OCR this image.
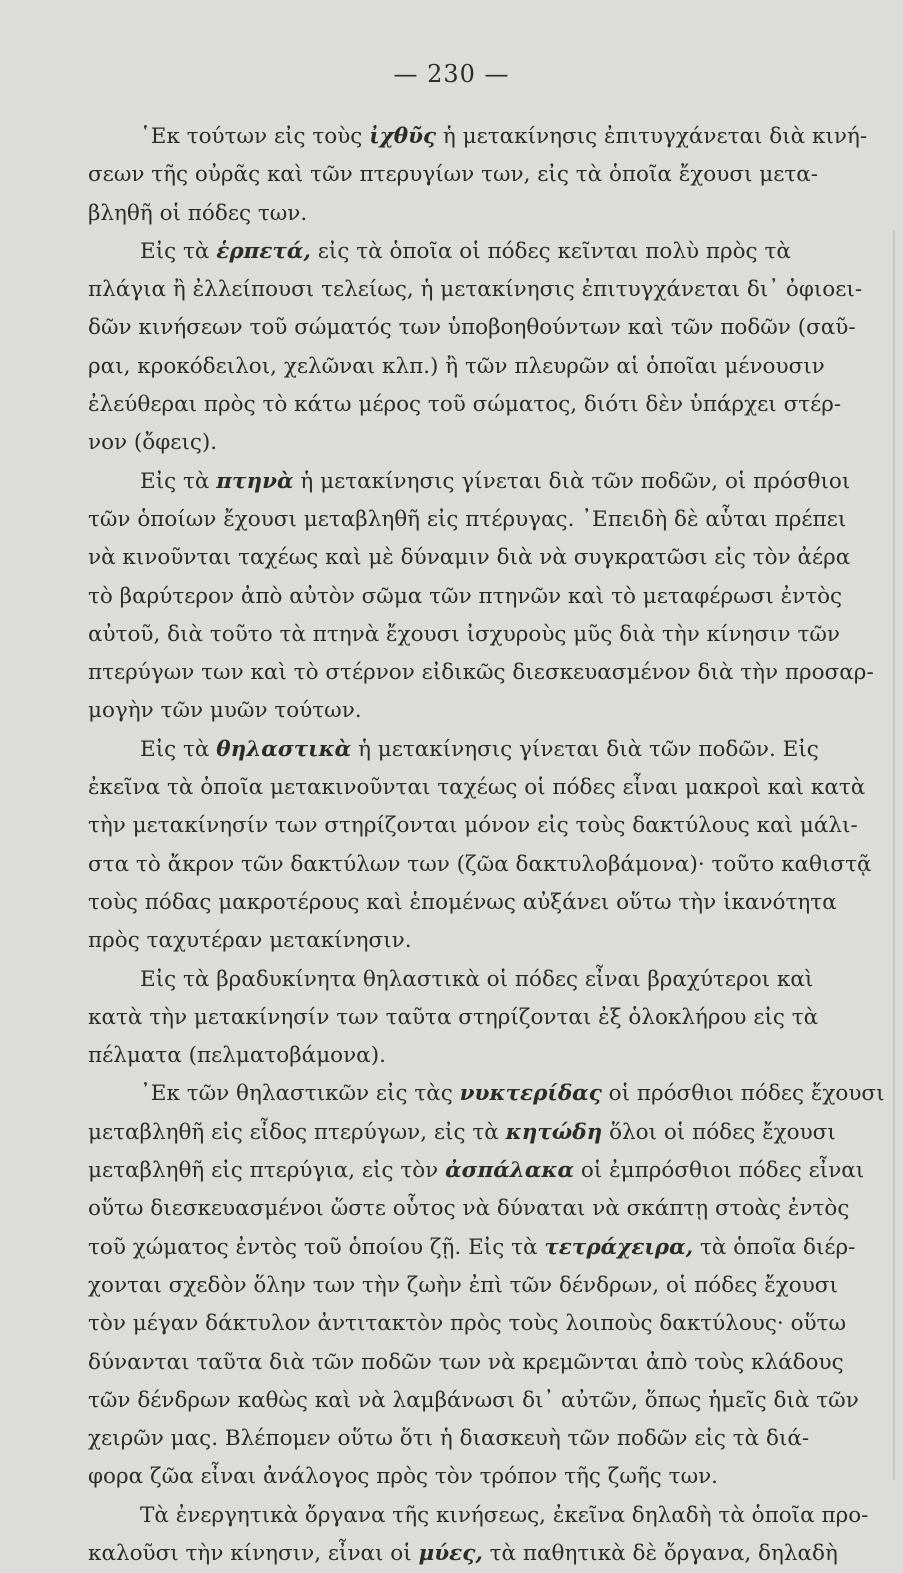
— 230 —
῾Εκ τούτων εἰς τοὺς ἰχθῦς ἡ μετακίνησις ἐπιτυγχάνεται διὰ κινή-
σεων τῆς οὐρᾶς καὶ τῶν πτερυγίων των, εἰς τὰ ὁποῖα ἔχουσι μετα-
βληθῆ οἱ πόδες των.
Εἰς τὰ ἑρπετά, εἰς τὰ ὁποῖα οἱ πόδες κεῖνται πολὺ πρὸς τὰ
πλάγια ἢ ἐλλείπουσι τελείως, ἡ μετακίνησις ἐπιτυγχάνεται δι᾽ ὀφιοει-
δῶν κινήσεων τοῦ σώματός των ὑποβοηθούντων καὶ τῶν ποδῶν (σαῦ-
ραι, κροκόδειλοι, χελῶναι κλπ.) ἢ τῶν πλευρῶν αἱ ὁποῖαι μένουσιν
ἐλεύθεραι πρὸς τὸ κάτω μέρος τοῦ σώματος, διότι δὲν ὑπάρχει στέρ-
νον (ὄφεις).
Εἰς τὰ πτηνὰ ἡ μετακίνησις γίνεται διὰ τῶν ποδῶν, οἱ πρόσθιοι
τῶν ὁποίων ἔχουσι μεταβληθῆ εἰς πτέρυγας. ᾿Επειδὴ δὲ αὗται πρέπει
νὰ κινοῦνται ταχέως καὶ μὲ δύναμιν διὰ νὰ συγκρατῶσι εἰς τὸν ἀέρα
τὸ βαρύτερον ἀπὸ αὐτὸν σῶμα τῶν πτηνῶν καὶ τὸ μεταφέρωσι ἐντὸς
αὐτοῦ, διὰ τοῦτο τὰ πτηνὰ ἔχουσι ἰσχυροὺς μῦς διὰ τὴν κίνησιν τῶν
πτερύγων των καὶ τὸ στέρνον εἰδικῶς διεσκευασμένον διὰ τὴν προσαρ-
μογὴν τῶν μυῶν τούτων.
Εἰς τὰ θηλαστικὰ ἡ μετακίνησις γίνεται διὰ τῶν ποδῶν. Εἰς
ἐκεῖνα τὰ ὁποῖα μετακινοῦνται ταχέως οἱ πόδες εἶναι μακροὶ καὶ κατὰ
τὴν μετακίνησίν των στηρίζονται μόνον εἰς τοὺς δακτύλους καὶ μάλι-
στα τὸ ἄκρον τῶν δακτύλων των (ζῶα δακτυλοβάμονα)· τοῦτο καθιστᾷ
τοὺς πόδας μακροτέρους καὶ ἑπομένως αὐξάνει οὕτω τὴν ἱκανότητα
πρὸς ταχυτέραν μετακίνησιν.
Εἰς τὰ βραδυκίνητα θηλαστικὰ οἱ πόδες εἶναι βραχύτεροι καὶ
κατὰ τὴν μετακίνησίν των ταῦτα στηρίζονται ἐξ ὁλοκλήρου εἰς τὰ
πέλματα (πελματοβάμονα).
᾿Εκ τῶν θηλαστικῶν εἰς τὰς νυκτερίδας οἱ πρόσθιοι πόδες ἔχουσι
μεταβληθῆ εἰς εἶδος πτερύγων, εἰς τὰ κητώδη ὅλοι οἱ πόδες ἔχουσι
μεταβληθῆ εἰς πτερύγια, εἰς τὸν ἀσπάλακα οἱ ἐμπρόσθιοι πόδες εἶναι
οὕτω διεσκευασμένοι ὥστε οὗτος νὰ δύναται νὰ σκάπτῃ στοὰς ἐντὸς
τοῦ χώματος ἐντὸς τοῦ ὁποίου ζῇ. Εἰς τὰ τετράχειρα, τὰ ὁποῖα διέρ-
χονται σχεδὸν ὅλην των τὴν ζωὴν ἐπὶ τῶν δένδρων, οἱ πόδες ἔχουσι
τὸν μέγαν δάκτυλον ἀντιτακτὸν πρὸς τοὺς λοιποὺς δακτύλους· οὕτω
δύνανται ταῦτα διὰ τῶν ποδῶν των νὰ κρεμῶνται ἀπὸ τοὺς κλάδους
τῶν δένδρων καθὼς καὶ νὰ λαμβάνωσι δι᾽ αὐτῶν, ὅπως ἡμεῖς διὰ τῶν
χειρῶν μας. Βλέπομεν οὕτω ὅτι ἡ διασκευὴ τῶν ποδῶν εἰς τὰ διά-
φορα ζῶα εἶναι ἀνάλογος πρὸς τὸν τρόπον τῆς ζωῆς των.
Τὰ ἐνεργητικὰ ὄργανα τῆς κινήσεως, ἐκεῖνα δηλαδὴ τὰ ὁποῖα προ-
καλοῦσι τὴν κίνησιν, εἶναι οἱ μύες, τὰ παθητικὰ δὲ ὄργανα, δηλαδὴ
